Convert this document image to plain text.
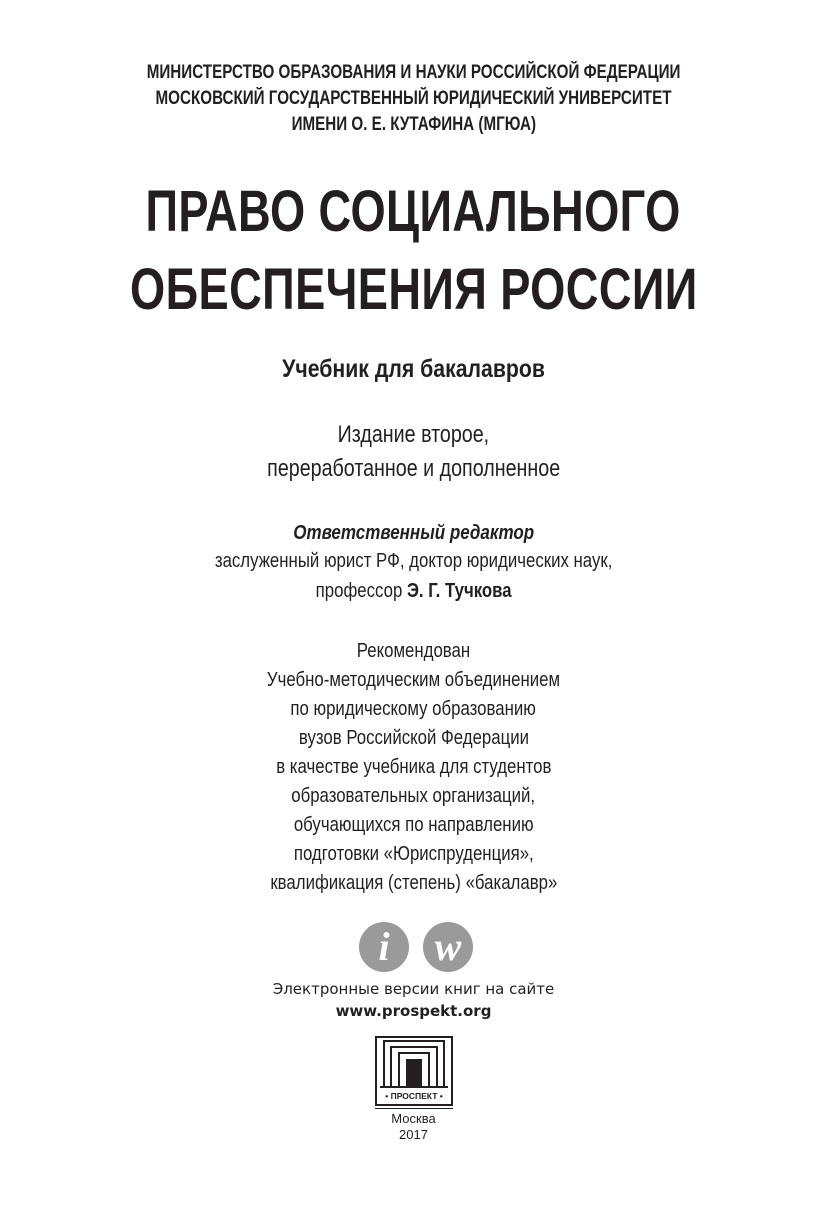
МИНИСТЕРСТВО ОБРАЗОВАНИЯ И НАУКИ РОССИЙСКОЙ ФЕДЕРАЦИИ
МОСКОВСКИЙ ГОСУДАРСТВЕННЫЙ ЮРИДИЧЕСКИЙ УНИВЕРСИТЕТ
ИМЕНИ О. Е. КУТАФИНА (МГЮА)
ПРАВО СОЦИАЛЬНОГО
ОБЕСПЕЧЕНИЯ РОССИИ
Учебник для бакалавров
Издание второе,
переработанное и дополненное
Ответственный редактор
заслуженный юрист РФ, доктор юридических наук,
профессор Э. Г. Тучкова
Рекомендован
Учебно-методическим объединением
по юридическому образованию
вузов Российской Федерации
в качестве учебника для студентов
образовательных организаций,
обучающихся по направлению
подготовки «Юриспруденция»,
квалификация (степень) «бакалавр»
i	w
Электронные версии книг на сайте
www.prospekt.org
• ПРОСПЕКТ •
Москва
2017
